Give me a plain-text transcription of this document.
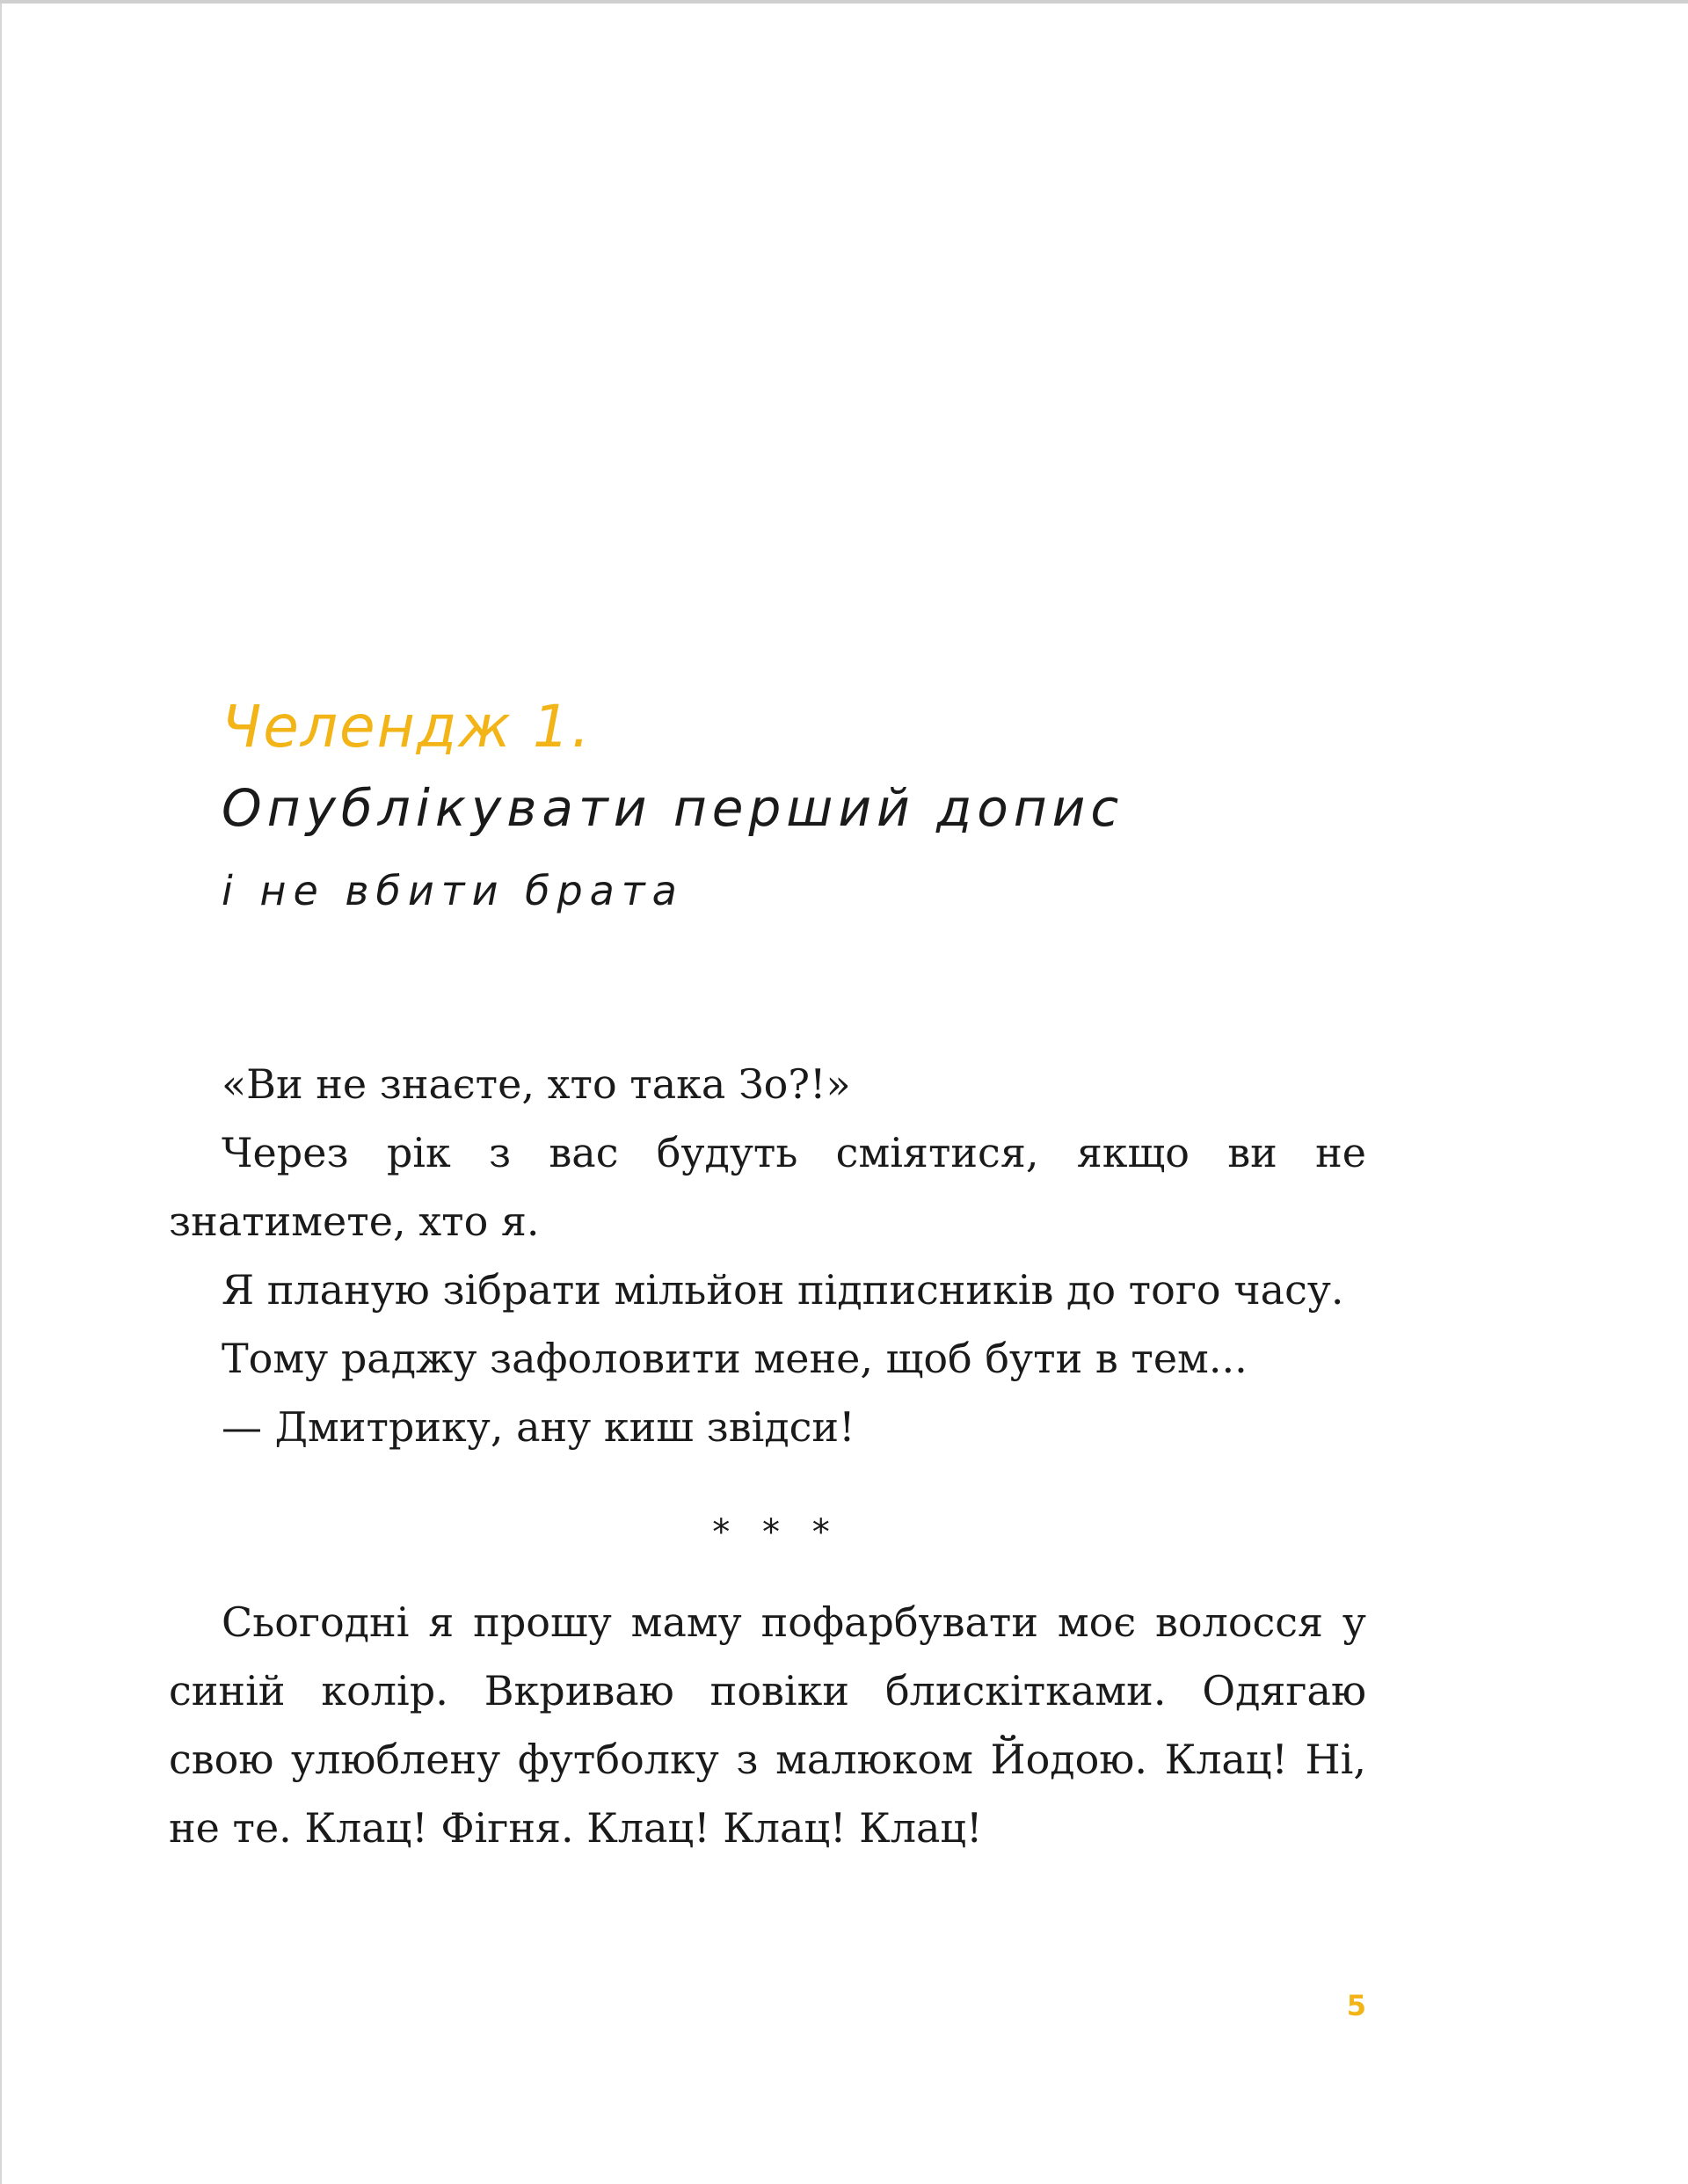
Челендж 1.
Опублікувати перший допис
і не вбити брата

«Ви не знаєте, хто така Зо?!»

Через рік з вас будуть сміятися, якщо ви не знатимете, хто я.

Я планую зібрати мільйон підписників до того часу.

Тому раджу зафоловити мене, щоб бути в тем...

— Дмитрику, ану киш звідси!

* * *

Сьогодні я прошу маму пофарбувати моє волосся у синій колір. Вкриваю повіки блискітками. Одягаю свою улюблену футболку з малюком Йодою. Клац! Ні, не те. Клац! Фігня. Клац! Клац! Клац!

5
